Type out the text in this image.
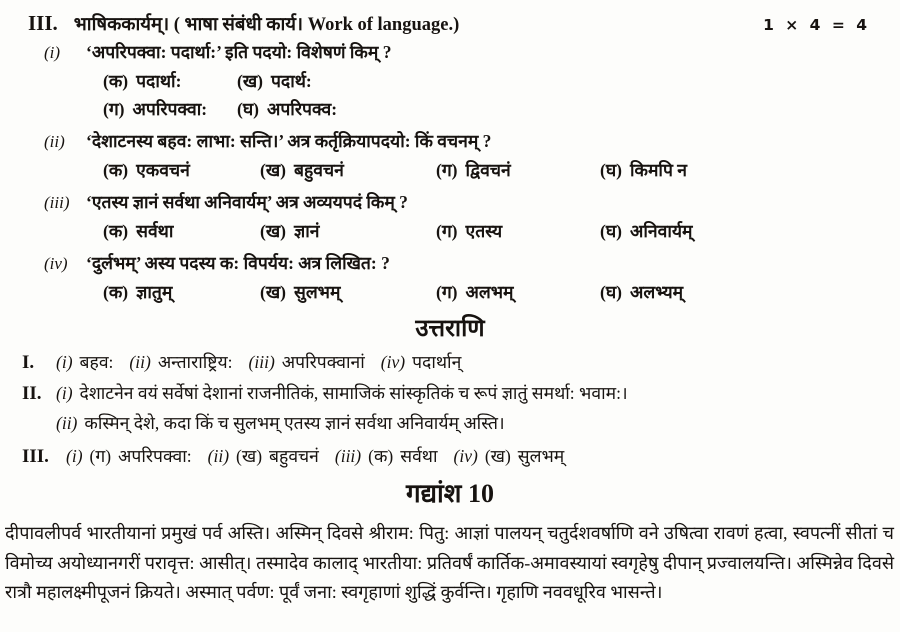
III. भाषिककार्यम्। ( भाषा संबंधी कार्य। Work of language.)	1 × 4 = 4
(i)	‘अपरिपक्वा: पदार्था:’ इति पदयो: विशेषणं किम् ?
(क) पदार्था:	(ख) पदार्थ:
(ग) अपरिपक्वा: (घ) अपरिपक्व:
(ii)	‘देशाटनस्य बहव: लाभा: सन्ति।’ अत्र कर्तृक्रियापदयो: किं वचनम् ?
(क) एकवचनं	(ख) बहुवचनं	(ग) द्विवचनं	(घ) किमपि न
(iii) ‘एतस्य ज्ञानं सर्वथा अनिवार्यम्’ अत्र अव्ययपदं किम् ?
(क) सर्वथा	(ख) ज्ञानं	(ग) एतस्य	(घ) अनिवार्यम्
(iv)	‘दुर्लभम्’ अस्य पदस्य क: विपर्यय: अत्र लिखित: ?
(क) ज्ञातुम्	(ख) सुलभम्	(ग) अलभम्	(घ) अलभ्यम्
उत्तराणि
I.	(i) बहव: (ii) अन्ताराष्ट्रिय: (iii) अपरिपक्वानां (iv) पदार्थान्
II. (i) देशाटनेन वयं सर्वेषां देशानां राजनीतिकं, सामाजिकं सांस्कृतिकं च रूपं ज्ञातुं समर्था: भवाम:।
(ii) कस्मिन् देशे, कदा किं च सुलभम् एतस्य ज्ञानं सर्वथा अनिवार्यम् अस्ति।
III. (i) (ग) अपरिपक्वा: (ii) (ख) बहुवचनं (iii) (क) सर्वथा (iv) (ख) सुलभम्
गद्यांश 10
दीपावलीपर्व भारतीयानां प्रमुखं पर्व अस्ति। अस्मिन् दिवसे श्रीराम: पितु: आज्ञां पालयन् चतुर्दशवर्षाणि वने उषित्वा रावणं हत्वा, स्वपत्नीं सीतां च विमोच्य अयोध्यानगरीं परावृत्त: आसीत्। तस्मादेव कालाद् भारतीया: प्रतिवर्षं कार्तिक-अमावस्यायां स्वगृहेषु दीपान् प्रज्वालयन्ति। अस्मिन्नेव दिवसे रात्रौ महालक्ष्मीपूजनं क्रियते। अस्मात् पर्वण: पूर्वं जना: स्वगृहाणां शुद्धिं कुर्वन्ति। गृहाणि नववधूरिव भासन्ते।
